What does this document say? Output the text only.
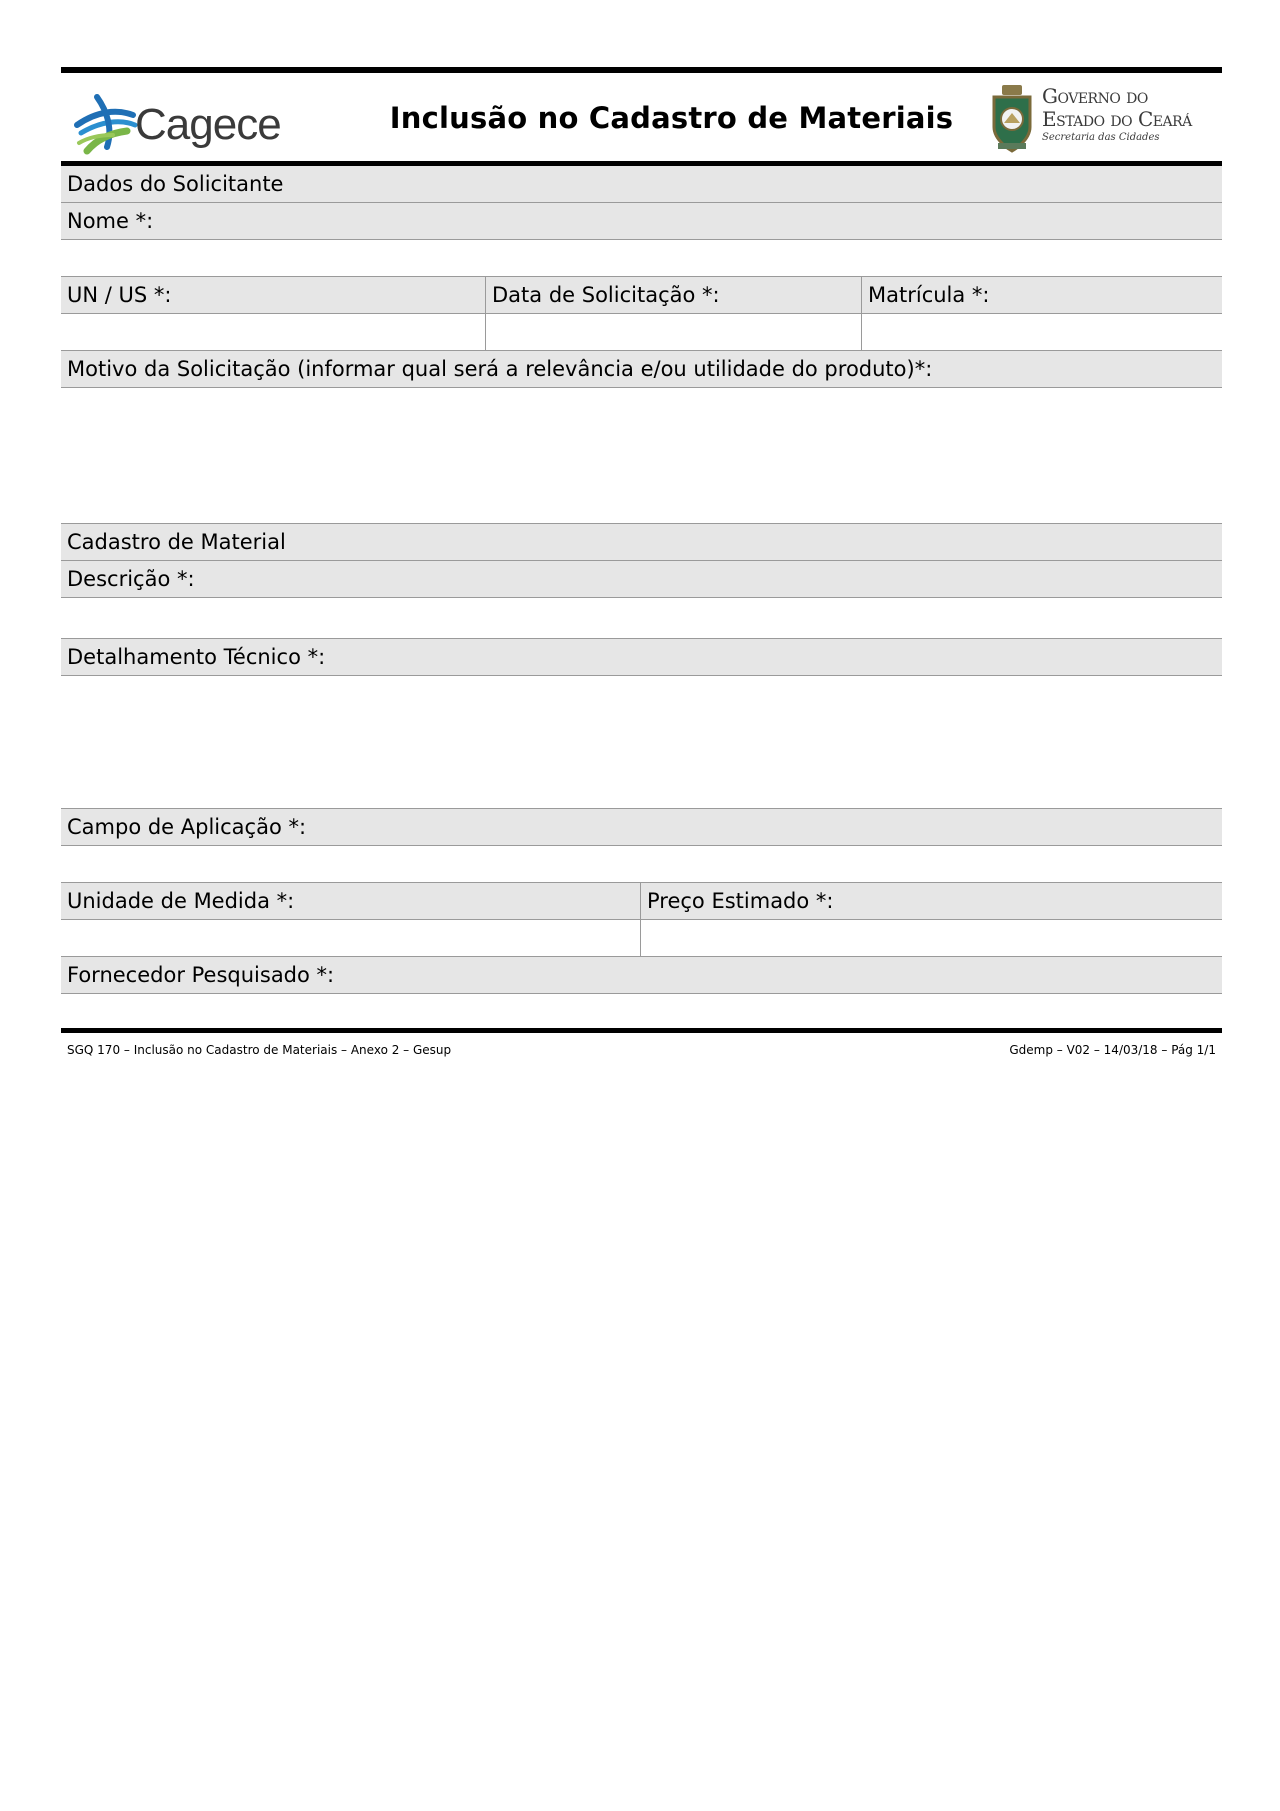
Cagece	Inclusão no Cadastro de Materiais
Governo do
Estado do Ceará
Secretaria das Cidades
Dados do Solicitante
Nome *:
UN / US *:	Data de Solicitação *:	Matrícula *:
Motivo da Solicitação (informar qual será a relevância e/ou utilidade do produto)*:
Cadastro de Material
Descrição *:
Detalhamento Técnico *:
Campo de Aplicação *:
Unidade de Medida *:	Preço Estimado *:
Fornecedor Pesquisado *:
SGQ 170 – Inclusão no Cadastro de Materiais – Anexo 2 – Gesup	Gdemp – V02 – 14/03/18 – Pág 1/1
